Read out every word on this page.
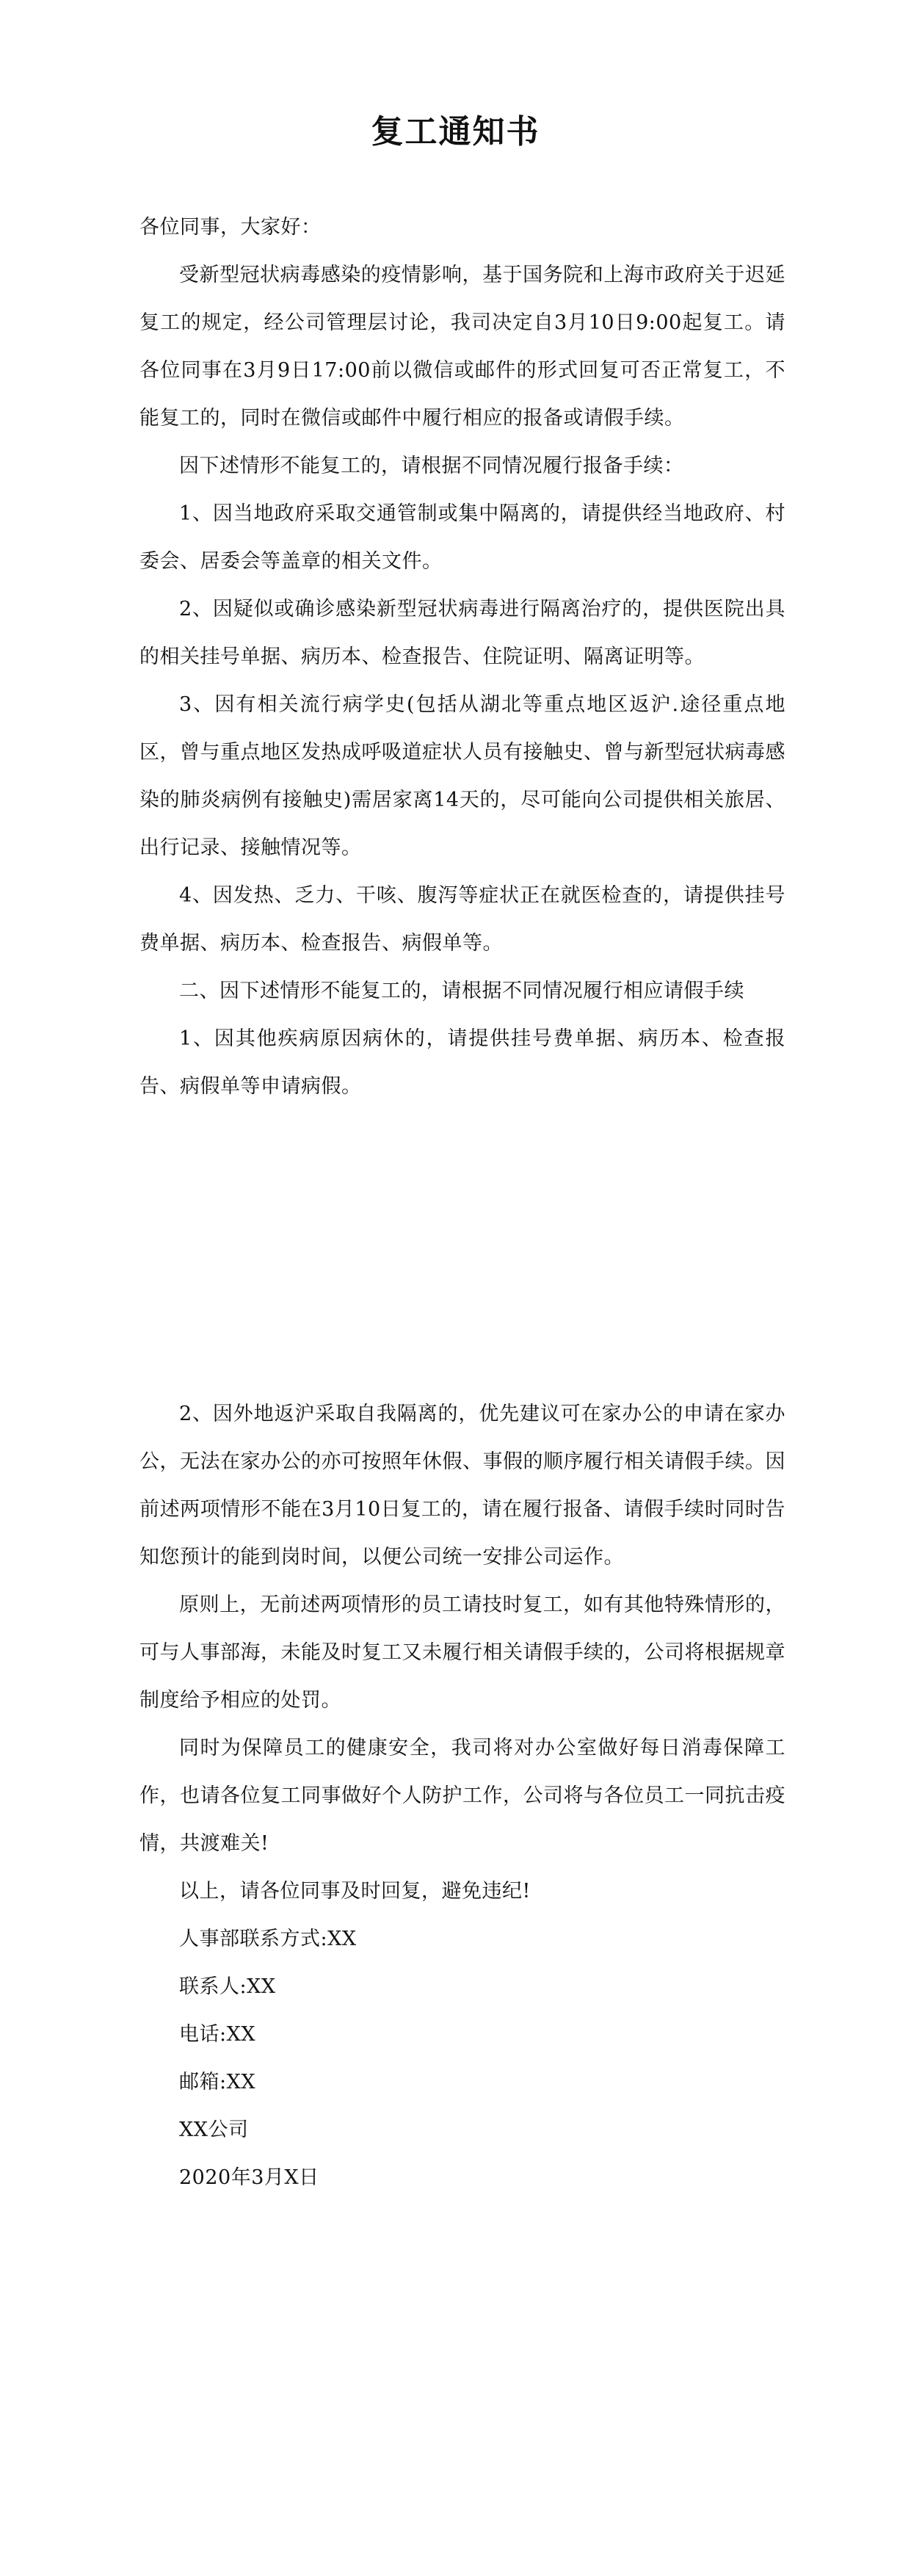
复工通知书

各位同事，大家好：

受新型冠状病毒感染的疫情影响，基于国务院和上海市政府关于迟延复工的规定，经公司管理层讨论，我司决定自3月10日9:00起复工。请各位同事在3月9日17:00前以微信或邮件的形式回复可否正常复工，不能复工的，同时在微信或邮件中履行相应的报备或请假手续。

因下述情形不能复工的，请根据不同情况履行报备手续：

1、因当地政府采取交通管制或集中隔离的，请提供经当地政府、村委会、居委会等盖章的相关文件。

2、因疑似或确诊感染新型冠状病毒进行隔离治疗的，提供医院出具的相关挂号单据、病历本、检查报告、住院证明、隔离证明等。

3、因有相关流行病学史(包括从湖北等重点地区返沪.途径重点地区，曾与重点地区发热成呼吸道症状人员有接触史、曾与新型冠状病毒感染的肺炎病例有接触史)需居家离14天的，尽可能向公司提供相关旅居、出行记录、接触情况等。

4、因发热、乏力、干咳、腹泻等症状正在就医检查的，请提供挂号费单据、病历本、检查报告、病假单等。

二、因下述情形不能复工的，请根据不同情况履行相应请假手续

1、因其他疾病原因病休的，请提供挂号费单据、病历本、检查报告、病假单等申请病假。

2、因外地返沪采取自我隔离的，优先建议可在家办公的申请在家办公，无法在家办公的亦可按照年休假、事假的顺序履行相关请假手续。因前述两项情形不能在3月10日复工的，请在履行报备、请假手续时同时告知您预计的能到岗时间，以便公司统一安排公司运作。

原则上，无前述两项情形的员工请技时复工，如有其他特殊情形的，可与人事部海，未能及时复工又未履行相关请假手续的，公司将根据规章制度给予相应的处罚。

同时为保障员工的健康安全，我司将对办公室做好每日消毒保障工作，也请各位复工同事做好个人防护工作，公司将与各位员工一同抗击疫情，共渡难关!

以上，请各位同事及时回复，避免违纪!

人事部联系方式:XX

联系人:XX

电话:XX

邮箱:XX

XX公司

2020年3月X日
